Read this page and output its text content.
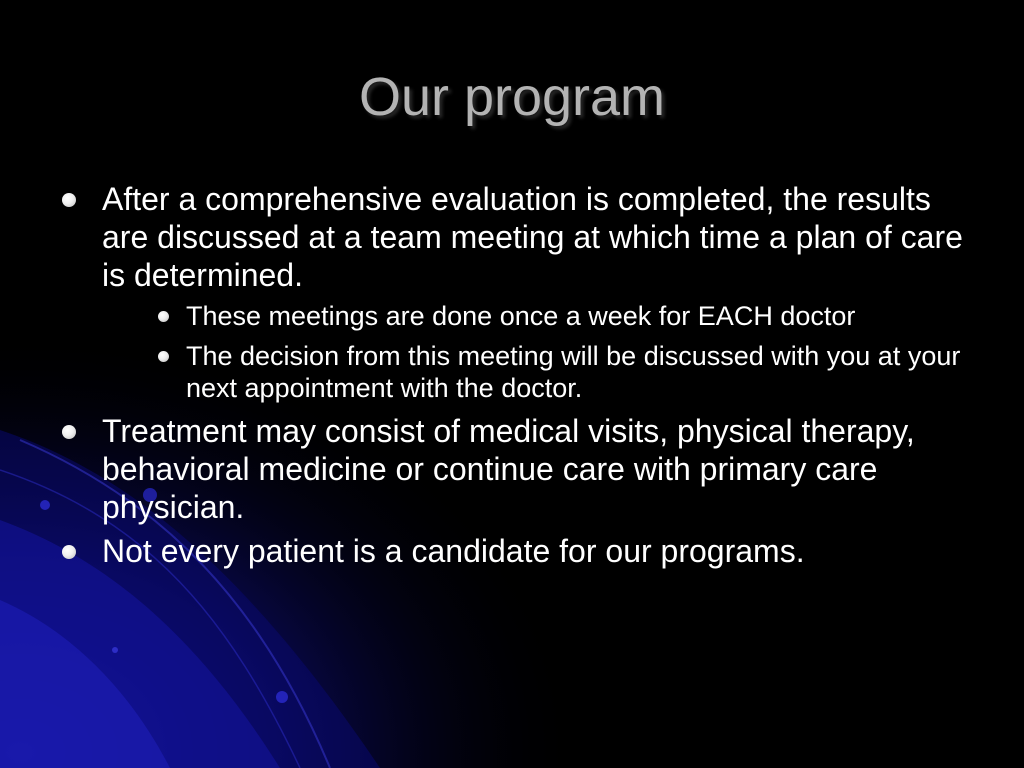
Our program
After a comprehensive evaluation is completed, the results are discussed at a team meeting at which time a plan of care is determined.
These meetings are done once a week for EACH doctor
The decision from this meeting will be discussed with you at your next appointment with the doctor.
Treatment may consist of medical visits, physical therapy, behavioral medicine or continue care with primary care physician.
Not every patient is a candidate for our programs.
